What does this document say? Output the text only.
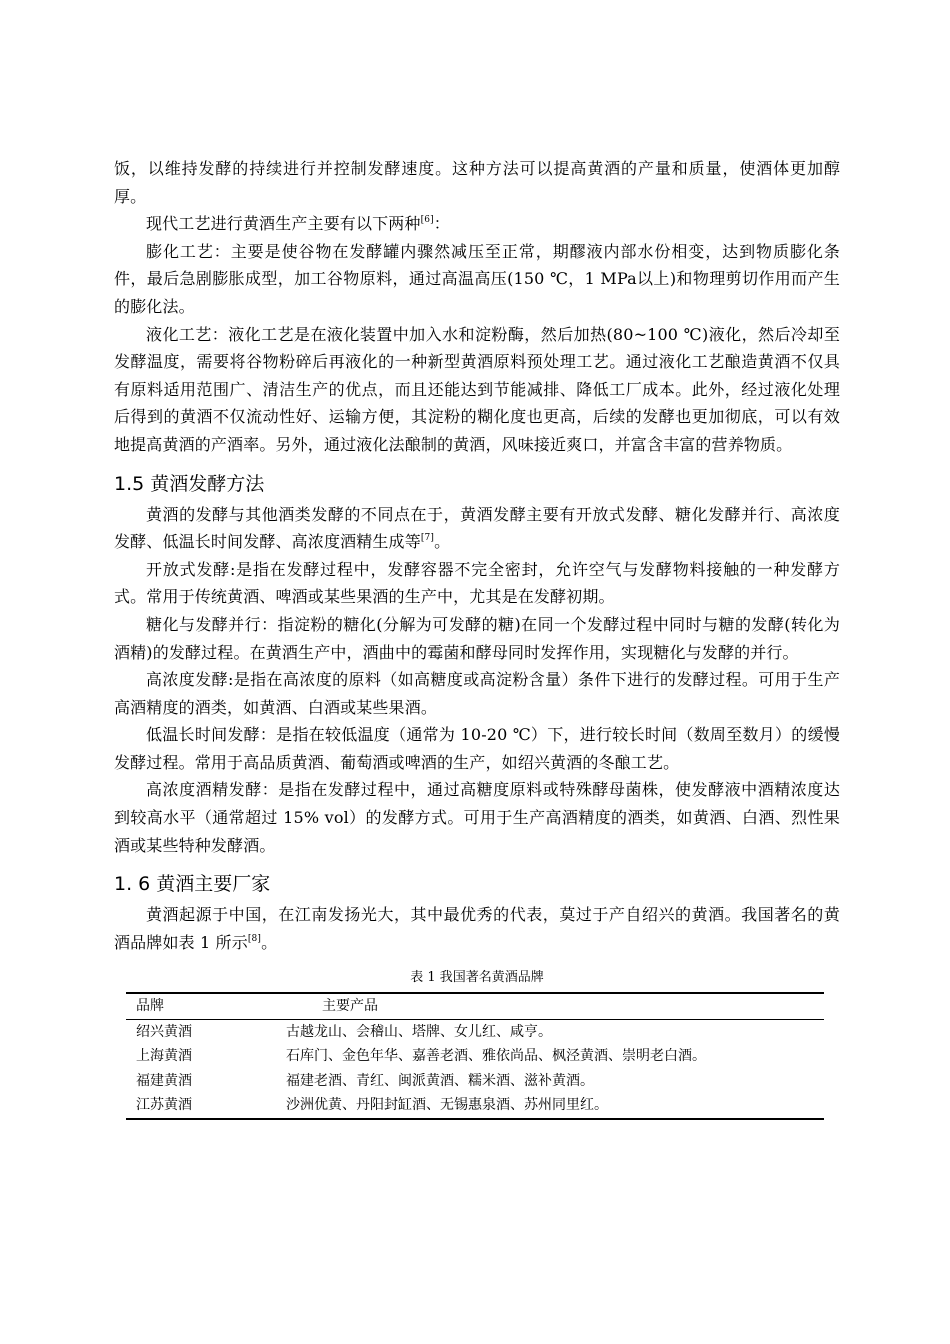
饭，以维持发酵的持续进行并控制发酵速度。这种方法可以提高黄酒的产量和质量，使酒体更加醇厚。

现代工艺进行黄酒生产主要有以下两种[6]：

膨化工艺：主要是使谷物在发酵罐内骤然减压至正常，期醪液内部水份相变，达到物质膨化条件，最后急剧膨胀成型，加工谷物原料，通过高温高压(150 ℃，1 MPa以上)和物理剪切作用而产生的膨化法。

液化工艺：液化工艺是在液化装置中加入水和淀粉酶，然后加热(80~100 ℃)液化，然后冷却至发酵温度，需要将谷物粉碎后再液化的一种新型黄酒原料预处理工艺。通过液化工艺酿造黄酒不仅具有原料适用范围广、清洁生产的优点，而且还能达到节能减排、降低工厂成本。此外，经过液化处理后得到的黄酒不仅流动性好、运输方便，其淀粉的糊化度也更高，后续的发酵也更加彻底，可以有效地提高黄酒的产酒率。另外，通过液化法酿制的黄酒，风味接近爽口，并富含丰富的营养物质。

1.5 黄酒发酵方法

黄酒的发酵与其他酒类发酵的不同点在于，黄酒发酵主要有开放式发酵、糖化发酵并行、高浓度发酵、低温长时间发酵、高浓度酒精生成等[7]。

开放式发酵:是指在发酵过程中，发酵容器不完全密封，允许空气与发酵物料接触的一种发酵方式。常用于传统黄酒、啤酒或某些果酒的生产中，尤其是在发酵初期。

糖化与发酵并行：指淀粉的糖化(分解为可发酵的糖)在同一个发酵过程中同时与糖的发酵(转化为酒精)的发酵过程。在黄酒生产中，酒曲中的霉菌和酵母同时发挥作用，实现糖化与发酵的并行。

高浓度发酵:是指在高浓度的原料（如高糖度或高淀粉含量）条件下进行的发酵过程。可用于生产高酒精度的酒类，如黄酒、白酒或某些果酒。

低温长时间发酵：是指在较低温度（通常为 10-20 ℃）下，进行较长时间（数周至数月）的缓慢发酵过程。常用于高品质黄酒、葡萄酒或啤酒的生产，如绍兴黄酒的冬酿工艺。

高浓度酒精发酵：是指在发酵过程中，通过高糖度原料或特殊酵母菌株，使发酵液中酒精浓度达到较高水平（通常超过 15% vol）的发酵方式。可用于生产高酒精度的酒类，如黄酒、白酒、烈性果酒或某些特种发酵酒。

1. 6 黄酒主要厂家

黄酒起源于中国，在江南发扬光大，其中最优秀的代表，莫过于产自绍兴的黄酒。我国著名的黄酒品牌如表 1 所示[8]。

表 1 我国著名黄酒品牌
品牌	主要产品
绍兴黄酒	古越龙山、会稽山、塔牌、女儿红、咸亨。
上海黄酒	石库门、金色年华、嘉善老酒、雅依尚品、枫泾黄酒、崇明老白酒。
福建黄酒	福建老酒、青红、闽派黄酒、糯米酒、滋补黄酒。
江苏黄酒	沙洲优黄、丹阳封缸酒、无锡惠泉酒、苏州同里红。
